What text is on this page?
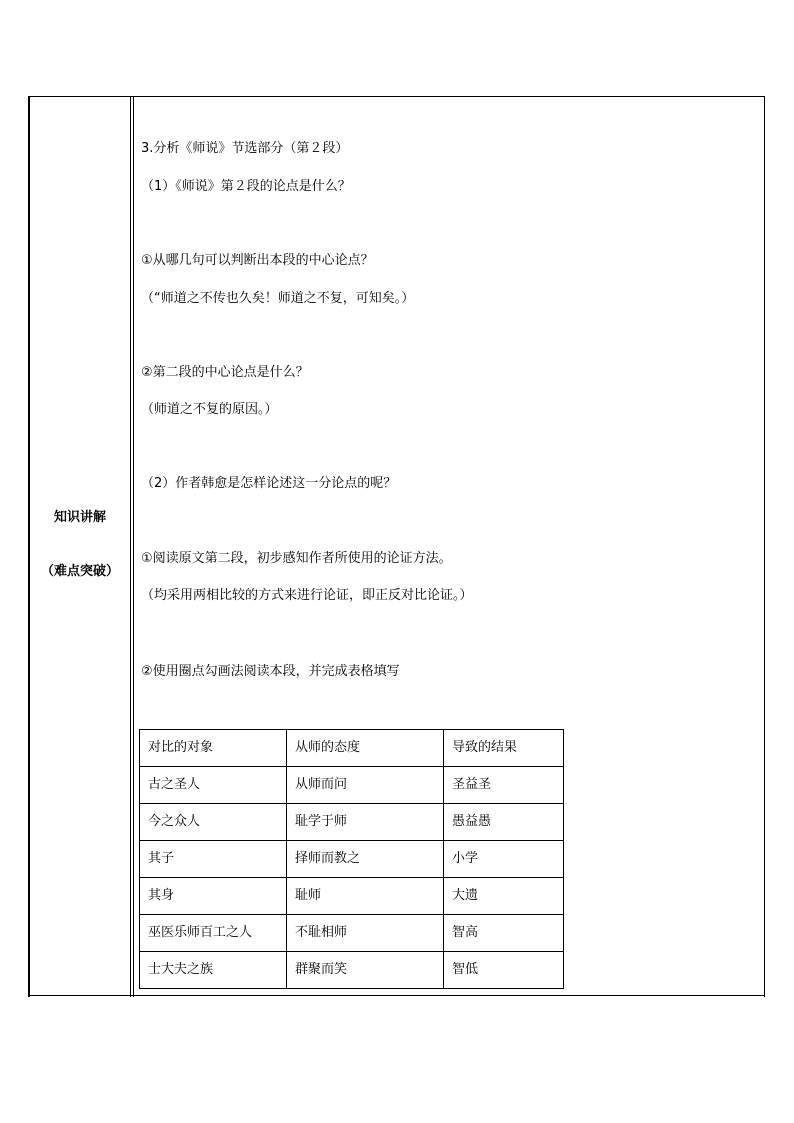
知识讲解
（难点突破）
3.分析《师说》节选部分（第２段）
（1）《师说》第２段的论点是什么？
①从哪几句可以判断出本段的中心论点？
（“师道之不传也久矣！师道之不复，可知矣。）
②第二段的中心论点是什么？
（师道之不复的原因。）
（2）作者韩愈是怎样论述这一分论点的呢？
①阅读原文第二段，初步感知作者所使用的论证方法。
（均采用两相比较的方式来进行论证，即正反对比论证。）
②使用圈点勾画法阅读本段，并完成表格填写
对比的对象	从师的态度	导致的结果
古之圣人	从师而问	圣益圣
今之众人	耻学于师	愚益愚
其子	择师而教之	小学
其身	耻师	大遗
巫医乐师百工之人	不耻相师	智高
士大夫之族	群聚而笑	智低
